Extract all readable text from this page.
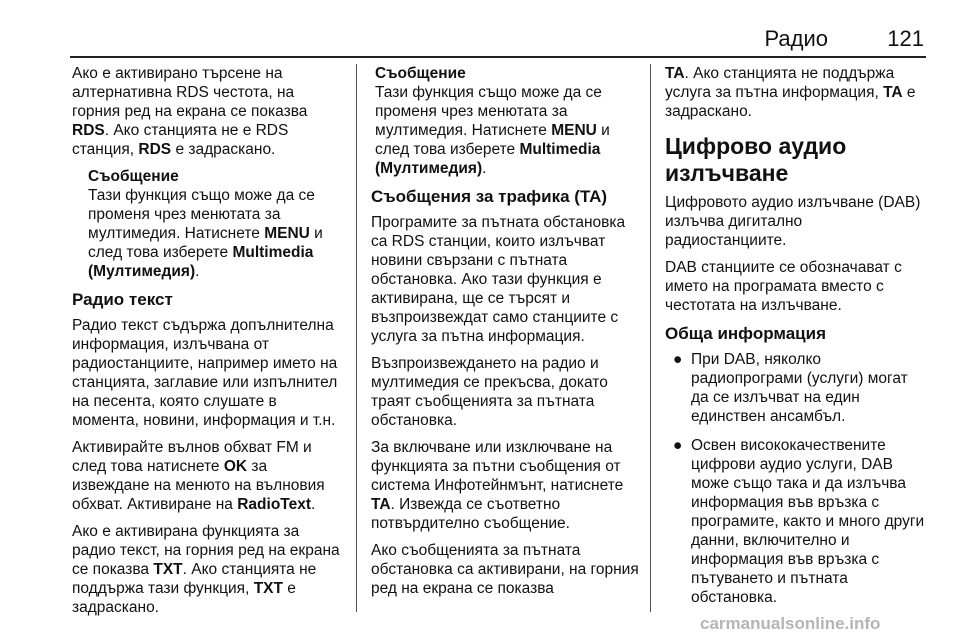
Радио	121

Ако е активирано търсене на алтернативна RDS честота, на горния ред на екрана се показва RDS. Ако станцията не е RDS станция, RDS е задраскано.

Съобщение
Тази функция също може да се променя чрез менютата за мултимедия. Натиснете MENU и след това изберете Multimedia (Мултимедия).
Радио текст

Радио текст съдържа допълнителна информация, излъчвана от радиостанциите, например името на станцията, заглавие или изпълнител на песента, която слушате в момента, новини, информация и т.н.

Активирайте вълнов обхват FM и след това натиснете OK за извеждане на менюто на вълновия обхват. Активиране на RadioText.

Ако е активирана функцията за радио текст, на горния ред на екрана се показва TXT. Ако станцията не поддържа тази функция, TXT е задраскано.

Съобщение
Тази функция също може да се променя чрез менютата за мултимедия. Натиснете MENU и след това изберете Multimedia (Мултимедия).
Съобщения за трафика (TA)

Програмите за пътната обстановка са RDS станции, които излъчват новини свързани с пътната обстановка. Ако тази функция е активирана, ще се търсят и възпроизвеждат само станциите с услуга за пътна информация.

Възпроизвеждането на радио и мултимедия се прекъсва, докато траят съобщенията за пътната обстановка.

За включване или изключване на функцията за пътни съобщения от система Инфотейнмънт, натиснете TA. Извежда се съответно потвърдително съобщение.

Ако съобщенията за пътната обстановка са активирани, на горния ред на екрана се показва

TA. Ако станцията не поддържа услуга за пътна информация, TA е задраскано.

Цифрово аудио излъчване

Цифровото аудио излъчване (DAB) излъчва дигитално радиостанциите.

DAB станциите се обозначават с името на програмата вместо с честотата на излъчване.

Обща информация
● При DAB, няколко радиопрограми (услуги) могат да се излъчват на един единствен ансамбъл.
● Освен висококачествените цифрови аудио услуги, DAB може също така и да излъчва информация във връзка с програмите, както и много други данни, включително и информация във връзка с пътуването и пътната обстановка.
carmanualsonline.info
